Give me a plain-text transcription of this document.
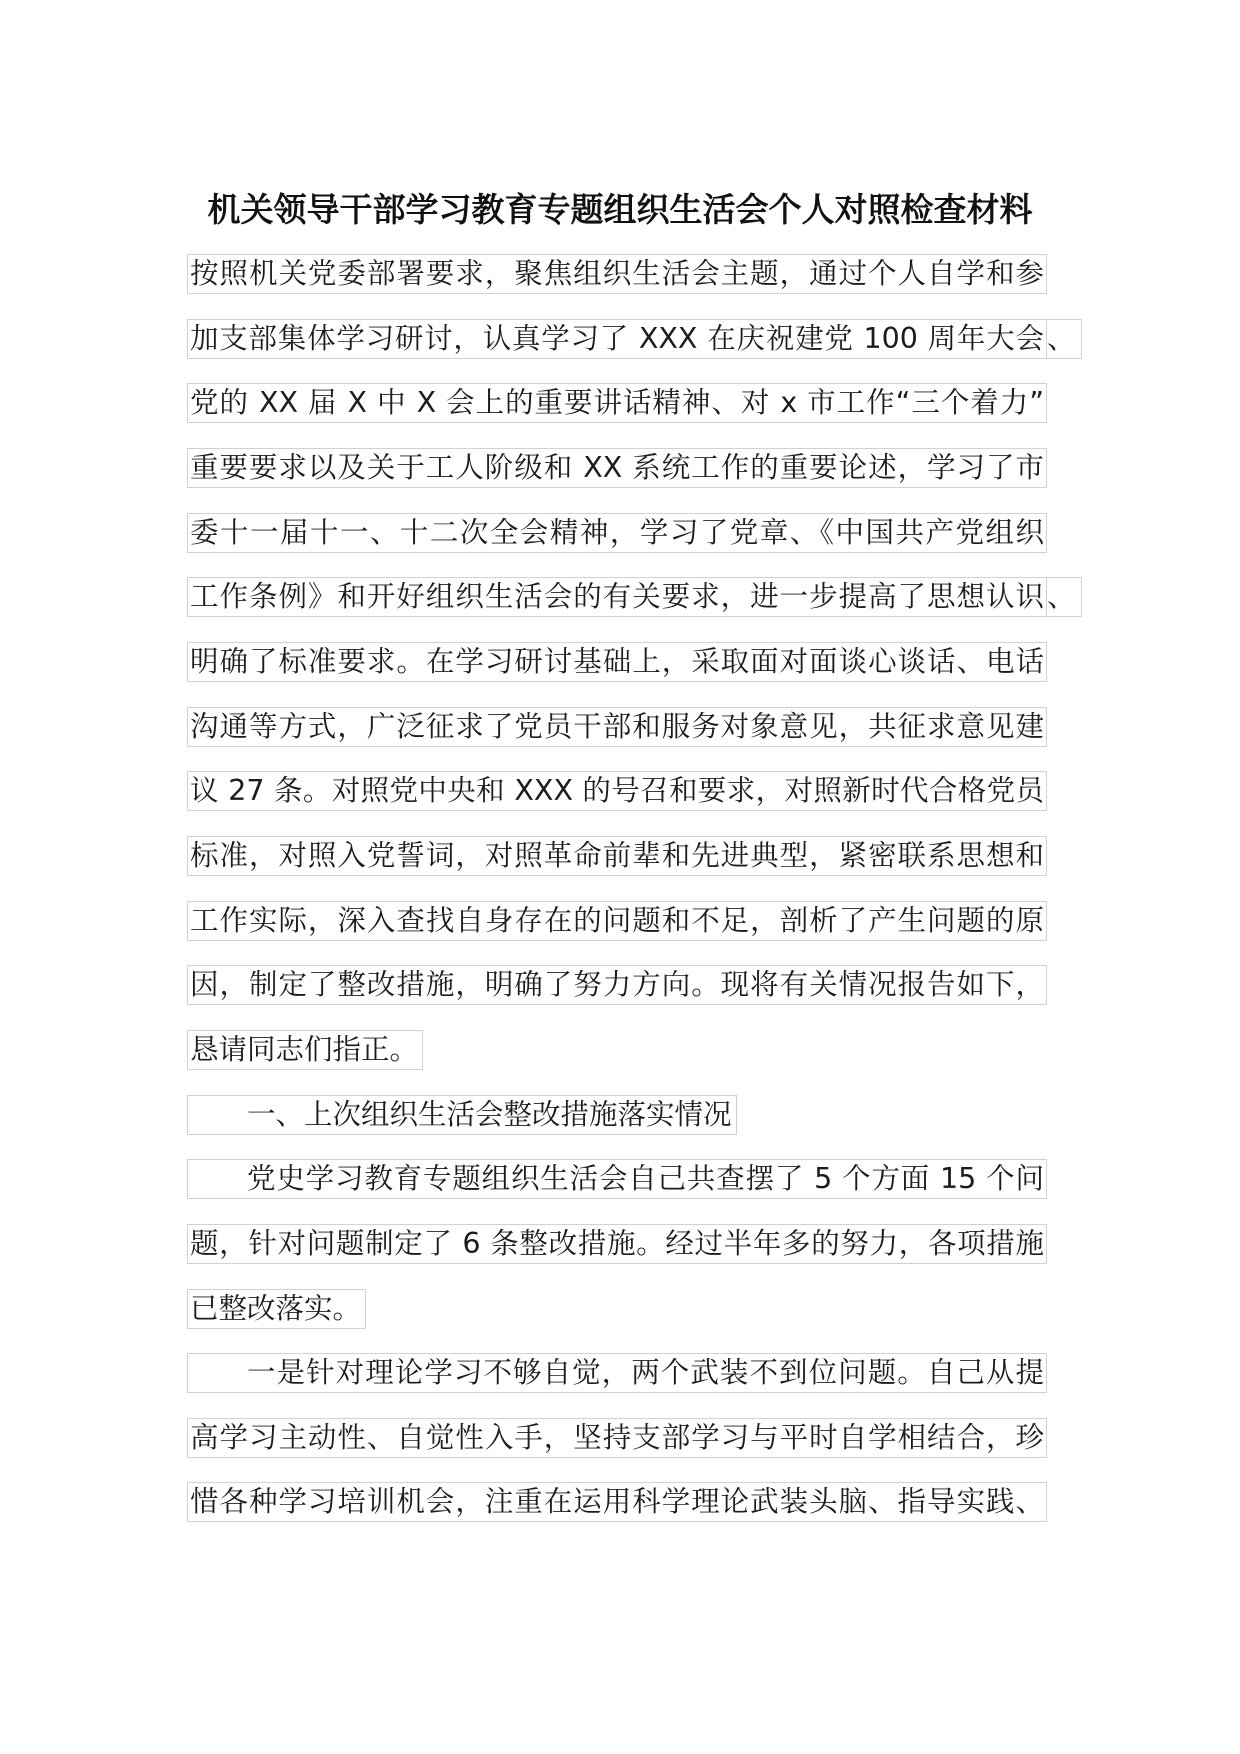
机关领导干部学习教育专题组织生活会个人对照检查材料
按照机关党委部署要求，聚焦组织生活会主题，通过个人自学和参
加支部集体学习研讨，认真学习了 XXX 在庆祝建党 100 周年大会 、
党的 XX 届 X 中 X 会上的重要讲话精神、对 x 市工作“三个着力”
重要要求以及关于工人阶级和 XX 系统工作的重要论述，学习了市
委十一届十一、十二次全会精神，学习了党章、《中国共产党组织
工作条例》和开好组织生活会的有关要求，进一步提高了思想认识 、
明确了标准要求。在学习研讨基础上，采取面对面谈心谈话、电话
沟通等方式，广泛征求了党员干部和服务对象意见，共征求意见建
议 27 条。对照党中央和 XXX 的号召和要求，对照新时代合格党员
标准，对照入党誓词，对照革命前辈和先进典型，紧密联系思想和
工作实际，深入查找自身存在的问题和不足，剖析了产生问题的原
因，制定了整改措施，明确了努力方向。现将有关情况报告如下，
恳请同志们指正。
一、上次组织生活会整改措施落实情况
党史学习教育专题组织生活会自己共查摆了 5 个方面 15 个问
题，针对问题制定了 6 条整改措施。经过半年多的努力，各项措施
已整改落实。
一是针对理论学习不够自觉，两个武装不到位问题。自己从提
高学习主动性、自觉性入手，坚持支部学习与平时自学相结合，珍
惜各种学习培训机会，注重在运用科学理论武装头脑、指导实践、
